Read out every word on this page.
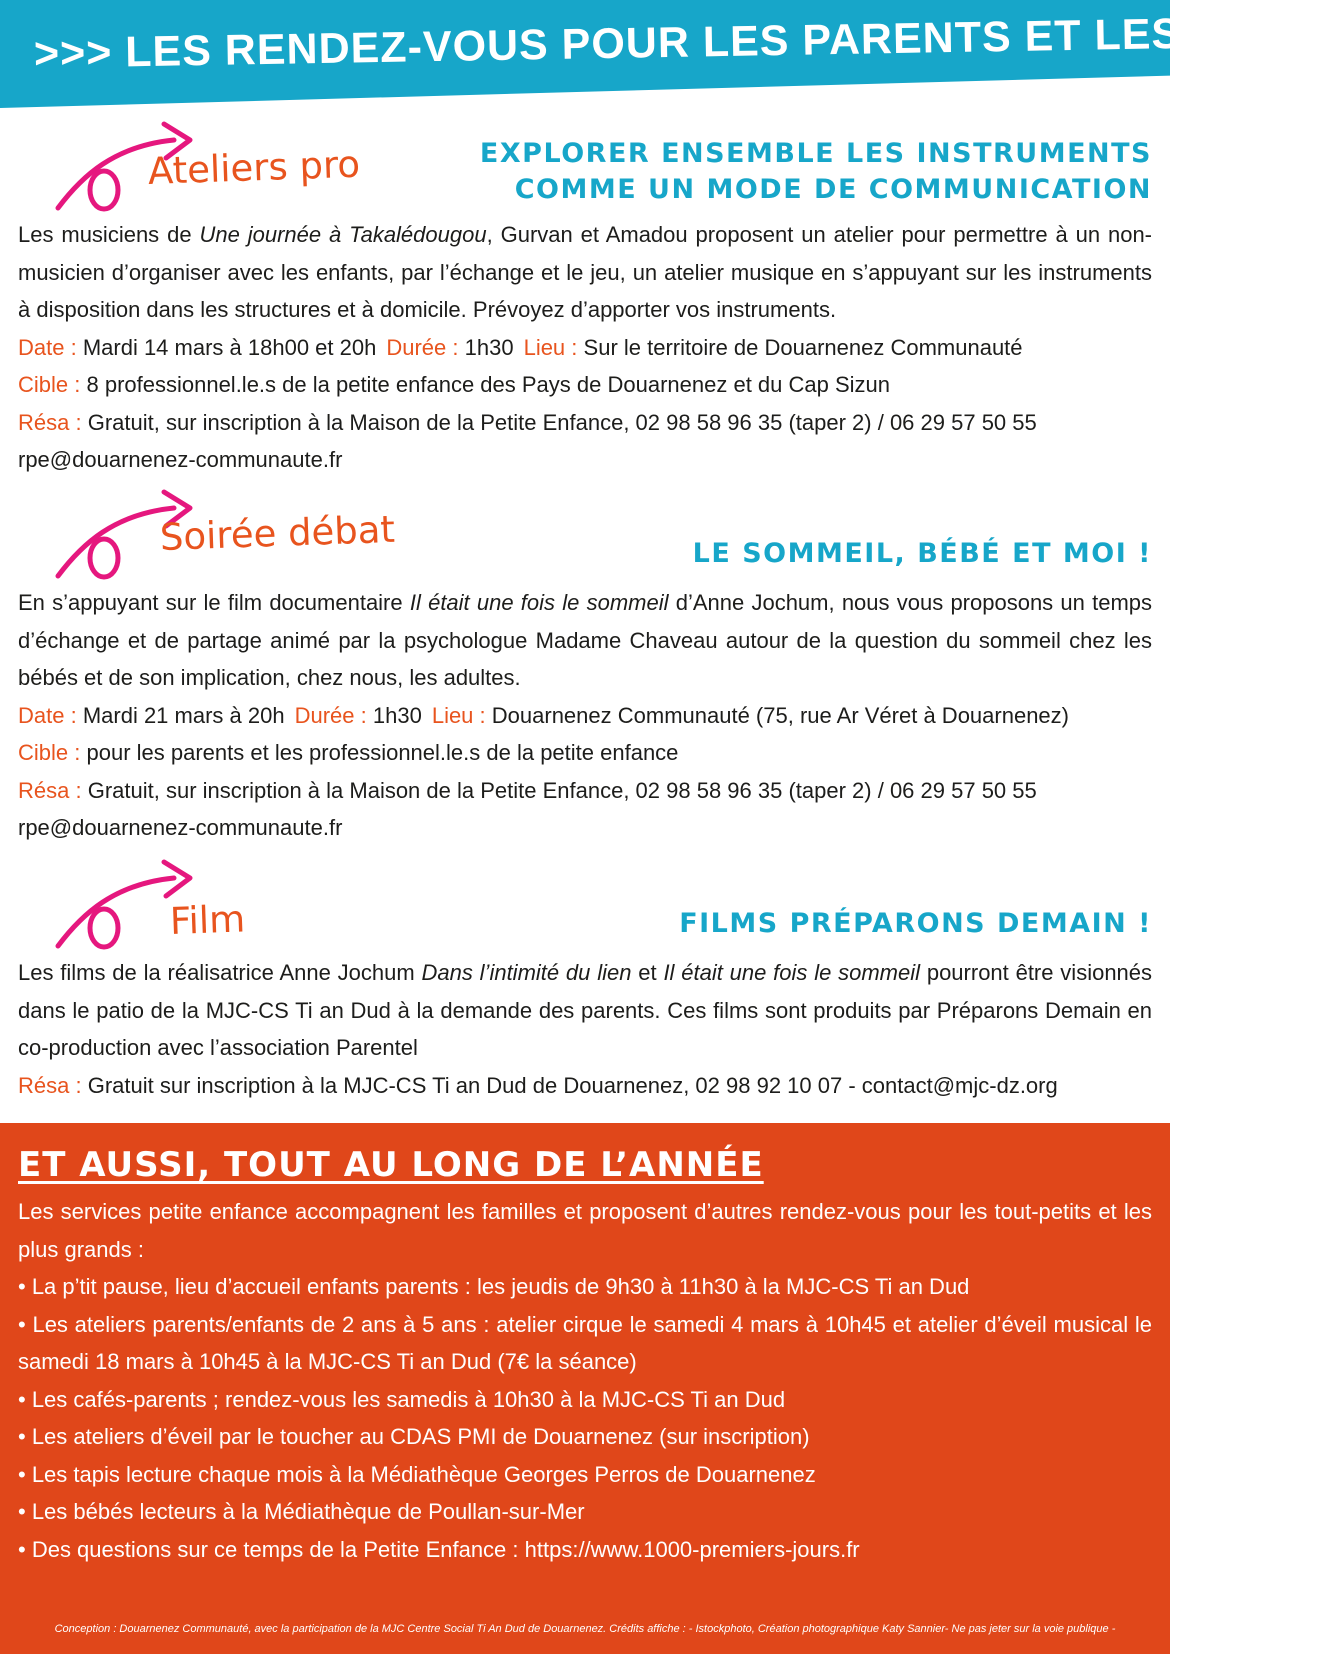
>>> LES RENDEZ-VOUS POUR LES PARENTS ET LES PROS
Ateliers pro	EXPLORER ENSEMBLE LES INSTRUMENTS
COMME UN MODE DE COMMUNICATION

Les musiciens de Une journée à Takalédougou, Gurvan et Amadou proposent un atelier pour permettre à un non-musicien d’organiser avec les enfants, par l’échange et le jeu, un atelier musique en s’appuyant sur les instruments à disposition dans les structures et à domicile. Prévoyez d’apporter vos instruments.

Date : Mardi 14 mars à 18h00 et 20h Durée : 1h30 Lieu : Sur le territoire de Douarnenez Communauté

Cible : 8 professionnel.le.s de la petite enfance des Pays de Douarnenez et du Cap Sizun

Résa : Gratuit, sur inscription à la Maison de la Petite Enfance, 02 98 58 96 35 (taper 2) / 06 29 57 50 55

rpe@douarnenez-communaute.fr

Soirée débat	LE SOMMEIL, BÉBÉ ET MOI !

En s’appuyant sur le film documentaire Il était une fois le sommeil d’Anne Jochum, nous vous proposons un temps d’échange et de partage animé par la psychologue Madame Chaveau autour de la question du sommeil chez les bébés et de son implication, chez nous, les adultes.

Date : Mardi 21 mars à 20h Durée : 1h30 Lieu : Douarnenez Communauté (75, rue Ar Véret à Douarnenez)

Cible : pour les parents et les professionnel.le.s de la petite enfance

Résa : Gratuit, sur inscription à la Maison de la Petite Enfance, 02 98 58 96 35 (taper 2) / 06 29 57 50 55

rpe@douarnenez-communaute.fr

Film	FILMS PRÉPARONS DEMAIN !

Les films de la réalisatrice Anne Jochum Dans l’intimité du lien et Il était une fois le sommeil pourront être visionnés dans le patio de la MJC-CS Ti an Dud à la demande des parents. Ces films sont produits par Préparons Demain en co-production avec l’association Parentel

Résa : Gratuit sur inscription à la MJC-CS Ti an Dud de Douarnenez, 02 98 92 10 07 - contact@mjc-dz.org

ET AUSSI, TOUT AU LONG DE L’ANNÉE

Les services petite enfance accompagnent les familles et proposent d’autres rendez-vous pour les tout-petits et les plus grands :

• La p’tit pause, lieu d’accueil enfants parents : les jeudis de 9h30 à 11h30 à la MJC-CS Ti an Dud
• Les ateliers parents/enfants de 2 ans à 5 ans : atelier cirque le samedi 4 mars à 10h45 et atelier d’éveil musical le samedi 18 mars à 10h45 à la MJC-CS Ti an Dud (7€ la séance)
• Les cafés-parents ; rendez-vous les samedis à 10h30 à la MJC-CS Ti an Dud
• Les ateliers d’éveil par le toucher au CDAS PMI de Douarnenez (sur inscription)
• Les tapis lecture chaque mois à la Médiathèque Georges Perros de Douarnenez
• Les bébés lecteurs à la Médiathèque de Poullan-sur-Mer
• Des questions sur ce temps de la Petite Enfance : https://www.1000-premiers-jours.fr
Conception : Douarnenez Communauté, avec la participation de la MJC Centre Social Ti An Dud de Douarnenez. Crédits affiche : - Istockphoto, Création photographique Katy Sannier- Ne pas jeter sur la voie publique -
